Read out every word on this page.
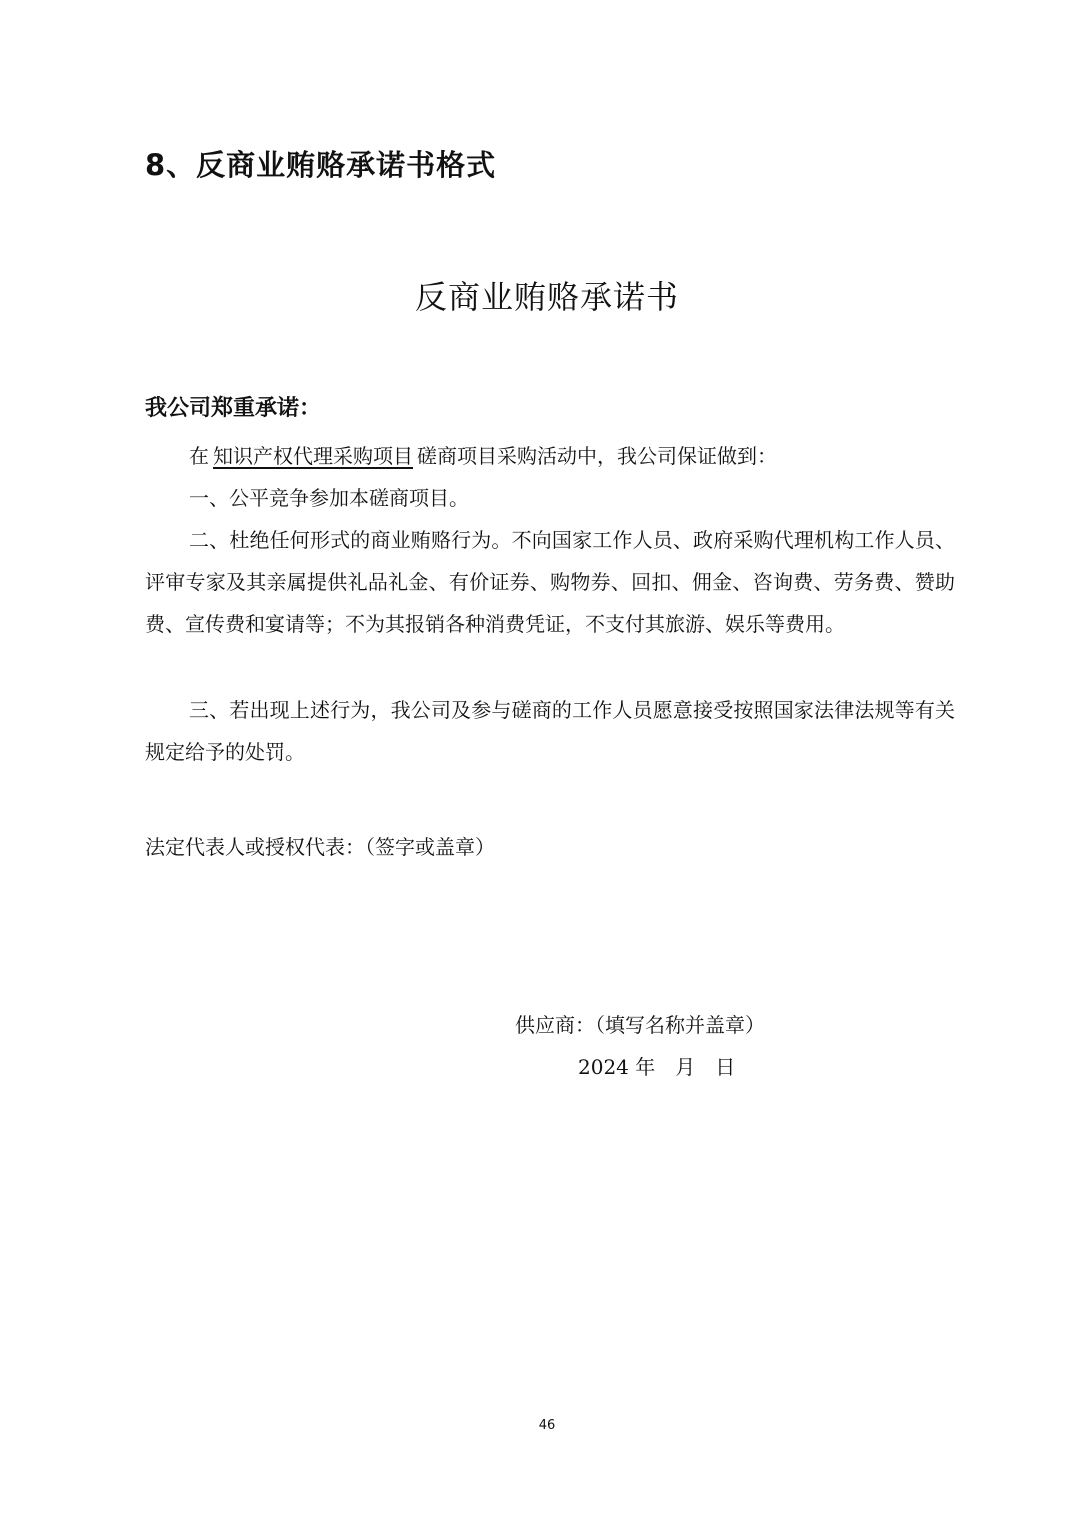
8、反商业贿赂承诺书格式
反商业贿赂承诺书
我公司郑重承诺：
在 知识产权代理采购项目 磋商项目采购活动中，我公司保证做到：
一、公平竞争参加本磋商项目。
二、杜绝任何形式的商业贿赂行为。不向国家工作人员、政府采购代理机构工作人员、评审专家及其亲属提供礼品礼金、有价证券、购物券、回扣、佣金、咨询费、劳务费、赞助费、宣传费和宴请等；不为其报销各种消费凭证，不支付其旅游、娱乐等费用。
三、若出现上述行为，我公司及参与磋商的工作人员愿意接受按照国家法律法规等有关规定给予的处罚。
法定代表人或授权代表：（签字或盖章）
供应商：（填写名称并盖章）
2024 年　月　日
46
